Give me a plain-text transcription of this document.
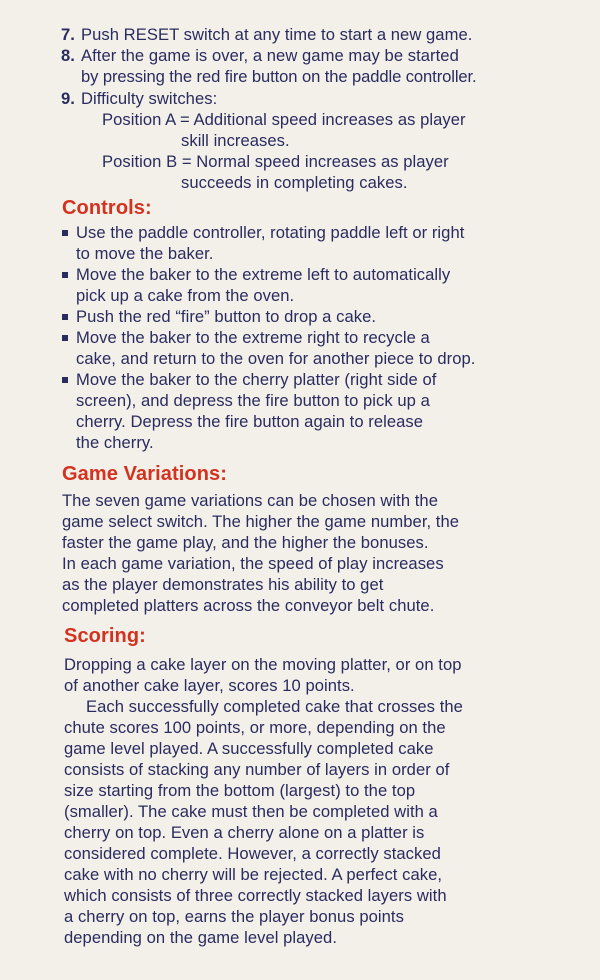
7. Push RESET switch at any time to start a new game.
8. After the game is over, a new game may be started
by pressing the red fire button on the paddle controller.
9. Difficulty switches:
Position A = Additional speed increases as player
skill increases.
Position B = Normal speed increases as player
succeeds in completing cakes.
Controls:
Use the paddle controller, rotating paddle left or right
to move the baker.
Move the baker to the extreme left to automatically
pick up a cake from the oven.
Push the red “fire” button to drop a cake.
Move the baker to the extreme right to recycle a
cake, and return to the oven for another piece to drop.
Move the baker to the cherry platter (right side of
screen), and depress the fire button to pick up a
cherry. Depress the fire button again to release
the cherry.
Game Variations:
The seven game variations can be chosen with the
game select switch. The higher the game number, the
faster the game play, and the higher the bonuses.
In each game variation, the speed of play increases
as the player demonstrates his ability to get
completed platters across the conveyor belt chute.
Scoring:
Dropping a cake layer on the moving platter, or on top
of another cake layer, scores 10 points.
Each successfully completed cake that crosses the
chute scores 100 points, or more, depending on the
game level played. A successfully completed cake
consists of stacking any number of layers in order of
size starting from the bottom (largest) to the top
(smaller). The cake must then be completed with a
cherry on top. Even a cherry alone on a platter is
considered complete. However, a correctly stacked
cake with no cherry will be rejected. A perfect cake,
which consists of three correctly stacked layers with
a cherry on top, earns the player bonus points
depending on the game level played.
